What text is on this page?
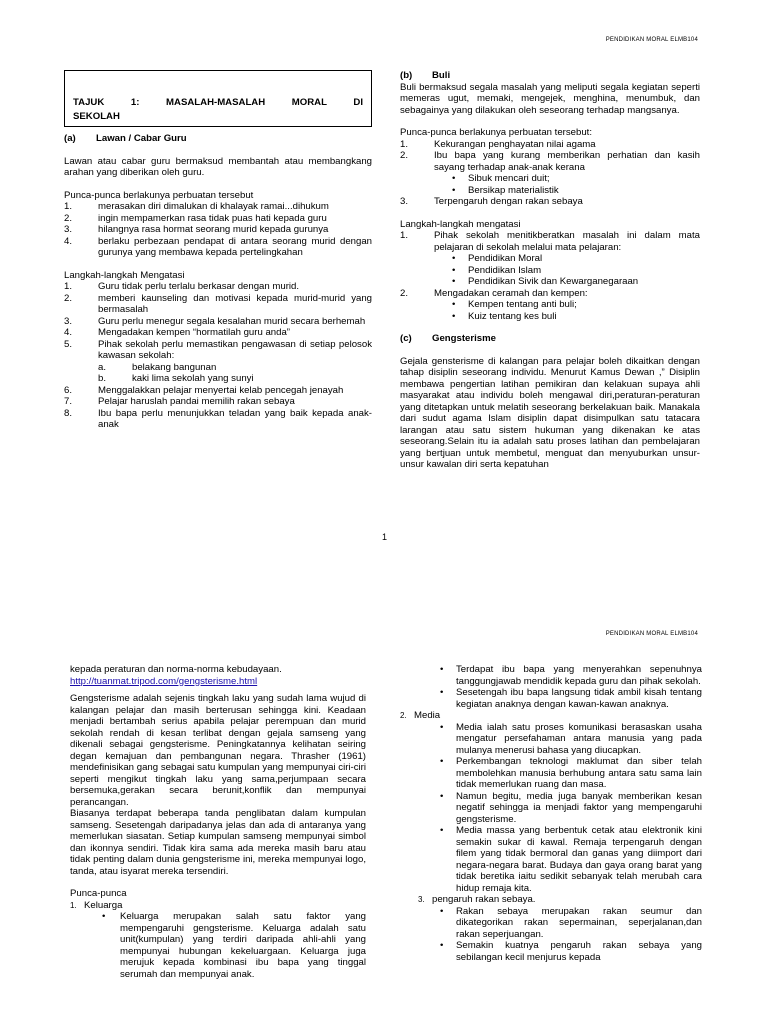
PENDIDIKAN MORAL ELMB104
TAJUK 1: MASALAH-MASALAH MORAL DI
SEKOLAH
(a)	Lawan / Cabar Guru

Lawan atau cabar guru bermaksud membantah atau membangkang arahan yang diberikan oleh guru.

Punca-punca berlakunya perbuatan tersebut

1.	merasakan diri dimalukan di khalayak ramai...dihukum
2.	ingin mempamerkan rasa tidak puas hati kepada guru
3.	hilangnya rasa hormat seorang murid kepada gurunya
4.	berlaku perbezaan pendapat di antara seorang murid dengan gurunya yang membawa kepada pertelingkahan

Langkah-langkah Mengatasi

1.	Guru tidak perlu terlalu berkasar dengan murid.
2.	memberi kaunseling dan motivasi kepada murid-murid yang bermasalah
3.	Guru perlu menegur segala kesalahan murid secara berhemah
4.	Mengadakan kempen “hormatilah guru anda”
5.	Pihak sekolah perlu memastikan pengawasan di setiap pelosok kawasan sekolah:
a.	belakang bangunan
b.	kaki lima sekolah yang sunyi
6.	Menggalakkan pelajar menyertai kelab pencegah jenayah
7.	Pelajar haruslah pandai memilih rakan sebaya
8.	Ibu bapa perlu menunjukkan teladan yang baik kepada anak-anak
(b)	Buli

Buli bermaksud segala masalah yang meliputi segala kegiatan seperti memeras ugut, memaki, mengejek, menghina, menumbuk, dan sebagainya yang dilakukan oleh seseorang terhadap mangsanya.

Punca-punca berlakunya perbuatan tersebut:

1.	Kekurangan penghayatan nilai agama
2.	Ibu bapa yang kurang memberikan perhatian dan kasih sayang terhadap anak-anak kerana
•	Sibuk mencari duit;
•	Bersikap materialistik
3.	Terpengaruh dengan rakan sebaya

Langkah-langkah mengatasi

1.	Pihak sekolah menitikberatkan masalah ini dalam mata pelajaran di sekolah melalui mata pelajaran:
•	Pendidikan Moral
•	Pendidikan Islam
•	Pendidikan Sivik dan Kewarganegaraan
2.	Mengadakan ceramah dan kempen:
•	Kempen tentang anti buli;
•	Kuiz tentang kes buli
(c)	Gengsterisme

Gejala gensterisme di kalangan para pelajar boleh dikaitkan dengan tahap disiplin seseorang individu. Menurut Kamus Dewan ,” Disiplin membawa pengertian latihan pemikiran dan kelakuan supaya ahli masyarakat atau individu boleh mengawal diri,peraturan-peraturan yang ditetapkan untuk melatih seseorang berkelakuan baik. Manakala dari sudut agama Islam disiplin dapat disimpulkan satu tatacara larangan atau satu sistem hukuman yang dikenakan ke atas seseorang.Selain itu ia adalah satu proses latihan dan pembelajaran yang bertjuan untuk membetul, menguat dan menyuburkan unsur-unsur kawalan diri serta kepatuhan

1
PENDIDIKAN MORAL ELMB104

kepada peraturan dan norma-norma kebudayaan.

http://tuanmat.tripod.com/gengsterisme.html

Gengsterisme adalah sejenis tingkah laku yang sudah lama wujud di kalangan pelajar dan masih berterusan sehingga kini. Keadaan menjadi bertambah serius apabila pelajar perempuan dan murid sekolah rendah di kesan terlibat dengan gejala samseng yang dikenali sebagai gengsterisme. Peningkatannya kelihatan seiring degan kemajuan dan pembangunan negara. Thrasher (1961) mendefinisikan gang sebagai satu kumpulan yang mempunyai ciri-ciri seperti mengikut tingkah laku yang sama,perjumpaan secara bersemuka,gerakan secara berunit,konflik dan mempunyai perancangan.

Biasanya terdapat beberapa tanda penglibatan dalam kumpulan samseng. Sesetengah daripadanya jelas dan ada di antaranya yang memerlukan siasatan. Setiap kumpulan samseng mempunyai simbol dan ikonnya sendiri. Tidak kira sama ada mereka masih baru atau tidak penting dalam dunia gengsterisme ini, mereka mempunyai logo, tanda, atau isyarat mereka tersendiri.

Punca-punca

1. Keluarga
•	Keluarga merupakan salah satu faktor yang mempengaruhi gengsterisme. Keluarga adalah satu unit(kumpulan) yang terdiri daripada ahli-ahli yang mempunyai hubungan kekeluargaan. Keluarga juga merujuk kepada kombinasi ibu bapa yang tinggal serumah dan mempunyai anak.
•	Terdapat ibu bapa yang menyerahkan sepenuhnya tanggungjawab mendidik kepada guru dan pihak sekolah.
•	Sesetengah ibu bapa langsung tidak ambil kisah tentang kegiatan anaknya dengan kawan-kawan anaknya.
2. Media
•	Media ialah satu proses komunikasi berasaskan usaha mengatur persefahaman antara manusia yang pada mulanya menerusi bahasa yang diucapkan.
•	Perkembangan teknologi maklumat dan siber telah membolehkan manusia berhubung antara satu sama lain tidak memerlukan ruang dan masa.
•	Namun begitu, media juga banyak memberikan kesan negatif sehingga ia menjadi faktor yang mempengaruhi gengsterisme.
•	Media massa yang berbentuk cetak atau elektronik kini semakin sukar di kawal. Remaja terpengaruh dengan filem yang tidak bermoral dan ganas yang diimport dari negara-negara barat. Budaya dan gaya orang barat yang tidak beretika iaitu sedikit sebanyak telah merubah cara hidup remaja kita.
3. pengaruh rakan sebaya.
•	Rakan sebaya merupakan rakan seumur dan dikategorikan rakan sepermainan, seperjalanan,dan rakan seperjuangan.
•	Semakin kuatnya pengaruh rakan sebaya yang sebilangan kecil menjurus kepada
